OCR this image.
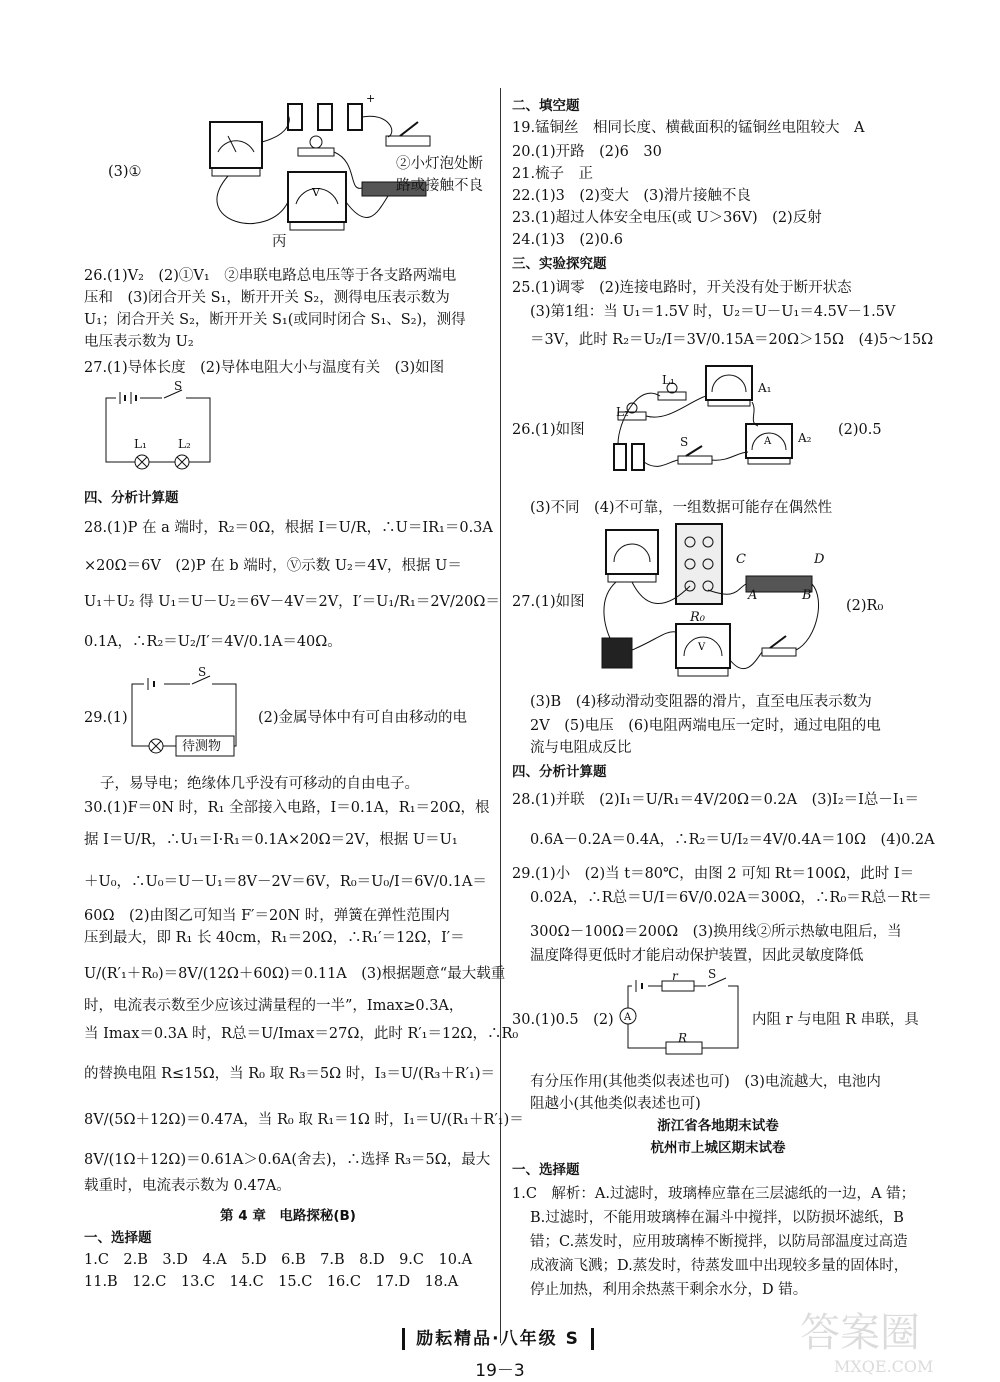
+
V
(3)①	②小灯泡处断
路或接触不良
丙
26.(1)V₂　(2)①V₁　②串联电路总电压等于各支路两端电
压和　(3)闭合开关 S₁，断开开关 S₂，测得电压表示数为
U₁；闭合开关 S₂，断开开关 S₁(或同时闭合 S₁、S₂)，测得
电压表示数为 U₂
27.(1)导体长度　(2)导体电阻大小与温度有关　(3)如图
S
L₁	L₂
四、分析计算题
28.(1)P 在 a 端时，R₂＝0Ω，根据 I＝U/R，∴U＝IR₁＝0.3A
×20Ω＝6V　(2)P 在 b 端时，Ⓥ示数 U₂＝4V，根据 U＝
U₁＋U₂ 得 U₁＝U－U₂＝6V－4V＝2V，I′＝U₁/R₁＝2V/20Ω＝
0.1A，∴R₂＝U₂/I′＝4V/0.1A＝40Ω。
29.(1)
S
待测物
(2)金属导体中有可自由移动的电
子，易导电；绝缘体几乎没有可移动的自由电子。
30.(1)F＝0N 时，R₁ 全部接入电路，I＝0.1A，R₁＝20Ω，根
据 I＝U/R，∴U₁＝I·R₁＝0.1A×20Ω＝2V，根据 U＝U₁
＋U₀，∴U₀＝U－U₁＝8V－2V＝6V，R₀＝U₀/I＝6V/0.1A＝
60Ω　(2)由图乙可知当 F′＝20N 时，弹簧在弹性范围内
压到最大，即 R₁ 长 40cm，R₁＝20Ω，∴R₁′＝12Ω，I′＝
U/(R′₁＋R₀)＝8V/(12Ω＋60Ω)＝0.11A　(3)根据题意“最大载重
时，电流表示数至少应该过满量程的一半”，Imax≥0.3A，
当 Imax＝0.3A 时，R总＝U/Imax＝27Ω，此时 R′₁＝12Ω，∴R₀
的替换电阻 R≤15Ω，当 R₀ 取 R₃＝5Ω 时，I₃＝U/(R₃＋R′₁)＝
8V/(5Ω＋12Ω)＝0.47A，当 R₀ 取 R₁＝1Ω 时，I₁＝U/(R₁＋R′₁)＝
8V/(1Ω＋12Ω)＝0.61A＞0.6A(舍去)，∴选择 R₃＝5Ω，最大
载重时，电流表示数为 0.47A。
第 4 章　电路探秘(B)
一、选择题
1.C　2.B　3.D　4.A　5.D　6.B　7.B　8.D　9.C　10.A
11.B　12.C　13.C　14.C　15.C　16.C　17.D　18.A
二、填空题
19.锰铜丝　相同长度、横截面积的锰铜丝电阻较大　A
20.(1)开路　(2)6　30
21.梳子　正
22.(1)3　(2)变大　(3)滑片接触不良
23.(1)超过人体安全电压(或 U＞36V)　(2)反射
24.(1)3　(2)0.6
三、实验探究题
25.(1)调零　(2)连接电路时，开关没有处于断开状态
(3)第1组：当 U₁＝1.5V 时，U₂＝U－U₁＝4.5V－1.5V
＝3V，此时 R₂＝U₂/I＝3V/0.15A＝20Ω＞15Ω　(4)5～15Ω
A
26.(1)如图	(2)0.5
L₁
L₂
A₁
A₂
S
(3)不同　(4)不可靠，一组数据可能存在偶然性
V
27.(1)如图	(2)R₀
C	D
A	B
R₀
(3)B　(4)移动滑动变阻器的滑片，直至电压表示数为
2V　(5)电压　(6)电阻两端电压一定时，通过电阻的电
流与电阻成反比
四、分析计算题
28.(1)并联　(2)I₁＝U/R₁＝4V/20Ω＝0.2A　(3)I₂＝I总－I₁＝
0.6A－0.2A＝0.4A，∴R₂＝U/I₂＝4V/0.4A＝10Ω　(4)0.2A
29.(1)小　(2)当 t＝80℃，由图 2 可知 Rt＝100Ω，此时 I＝
0.02A，∴R总＝U/I＝6V/0.02A＝300Ω，∴R₀＝R总－Rt＝
300Ω－100Ω＝200Ω　(3)换用线②所示热敏电阻后，当
温度降得更低时才能启动保护装置，因此灵敏度降低
30.(1)0.5　(2) A
r	S
R
内阻 r 与电阻 R 串联，具
有分压作用(其他类似表述也可)　(3)电流越大，电池内
阻越小(其他类似表述也可)
浙江省各地期末试卷
杭州市上城区期末试卷
一、选择题
1.C　解析：A.过滤时，玻璃棒应靠在三层滤纸的一边，A 错；
B.过滤时，不能用玻璃棒在漏斗中搅拌，以防损坏滤纸，B
错；C.蒸发时，应用玻璃棒不断搅拌，以防局部温度过高造
成液滴飞溅；D.蒸发时，待蒸发皿中出现较多量的固体时，
停止加热，利用余热蒸干剩余水分，D 错。
励耘精品·八年级 S
19－3
答案圈
MXQE.COM
